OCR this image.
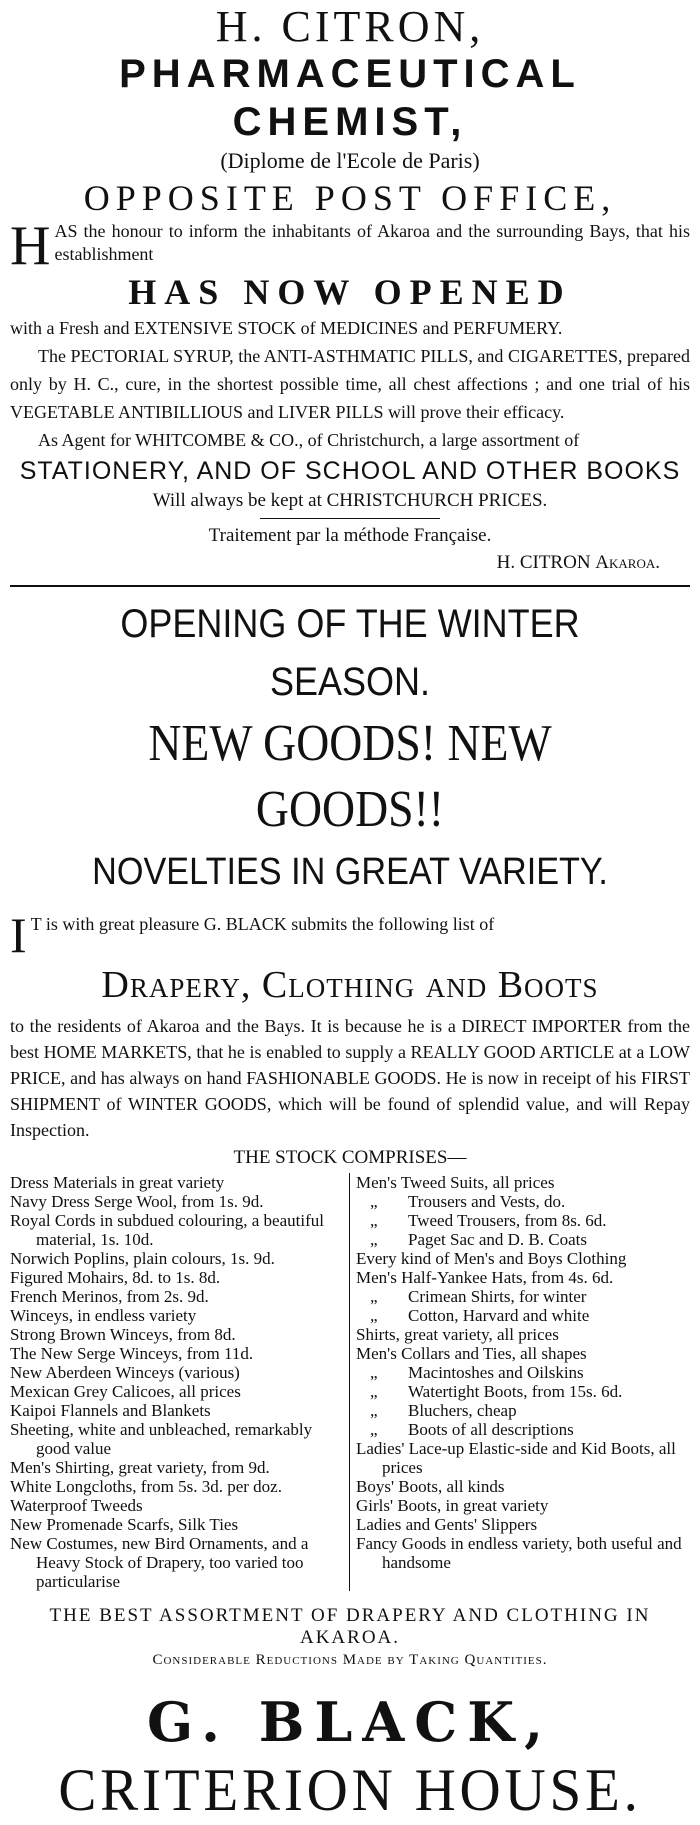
H. CITRON,
PHARMACEUTICAL CHEMIST,
(Diplome de l'Ecole de Paris)
OPPOSITE POST OFFICE,
H AS the honour to inform the inhabitants of Akaroa and the surrounding Bays, that his establishment
HAS NOW OPENED
with a Fresh and EXTENSIVE STOCK of MEDICINES and PERFUMERY.
The PECTORIAL SYRUP, the ANTI-ASTHMATIC PILLS, and CIGARETTES, prepared only by H. C., cure, in the shortest possible time, all chest affections ; and one trial of his VEGETABLE ANTIBILLIOUS and LIVER PILLS will prove their efficacy.
As Agent for WHITCOMBE & CO., of Christchurch, a large assortment of
STATIONERY, AND OF SCHOOL AND OTHER BOOKS
Will always be kept at CHRISTCHURCH PRICES.
Traitement par la méthode Française.
H. CITRON Akaroa.
OPENING OF THE WINTER SEASON.
NEW GOODS! NEW GOODS!!
NOVELTIES IN GREAT VARIETY.
I T is with great pleasure G. BLACK submits the following list of
Drapery, Clothing and Boots
to the residents of Akaroa and the Bays. It is because he is a DIRECT IMPORTER from the best HOME MARKETS, that he is enabled to supply a REALLY GOOD ARTICLE at a LOW PRICE, and has always on hand FASHIONABLE GOODS. He is now in receipt of his FIRST SHIPMENT of WINTER GOODS, which will be found of splendid value, and will Repay Inspection.
THE STOCK COMPRISES—

Dress Materials in great variety

Navy Dress Serge Wool, from 1s. 9d.

Royal Cords in subdued colouring, a beautiful material, 1s. 10d.

Norwich Poplins, plain colours, 1s. 9d.

Figured Mohairs, 8d. to 1s. 8d.

French Merinos, from 2s. 9d.

Winceys, in endless variety

Strong Brown Winceys, from 8d.

The New Serge Winceys, from 11d.

New Aberdeen Winceys (various)

Mexican Grey Calicoes, all prices

Kaipoi Flannels and Blankets

Sheeting, white and unbleached, remarkably good value

Men's Shirting, great variety, from 9d.

White Longcloths, from 5s. 3d. per doz.

Waterproof Tweeds

New Promenade Scarfs, Silk Ties

New Costumes, new Bird Ornaments, and a Heavy Stock of Drapery, too varied too particularise

Men's Tweed Suits, all prices

„ Trousers and Vests, do.

„ Tweed Trousers, from 8s. 6d.

„ Paget Sac and D. B. Coats

Every kind of Men's and Boys Clothing

Men's Half-Yankee Hats, from 4s. 6d.

„ Crimean Shirts, for winter

„ Cotton, Harvard and white

Shirts, great variety, all prices

Men's Collars and Ties, all shapes

„ Macintoshes and Oilskins

„ Watertight Boots, from 15s. 6d.

„ Bluchers, cheap

„ Boots of all descriptions

Ladies' Lace-up Elastic-side and Kid Boots, all prices

Boys' Boots, all kinds

Girls' Boots, in great variety

Ladies and Gents' Slippers

Fancy Goods in endless variety, both useful and handsome

THE BEST ASSORTMENT OF DRAPERY AND CLOTHING IN AKAROA.
Considerable Reductions Made by Taking Quantities.
G. BLACK,
CRITERION HOUSE.
